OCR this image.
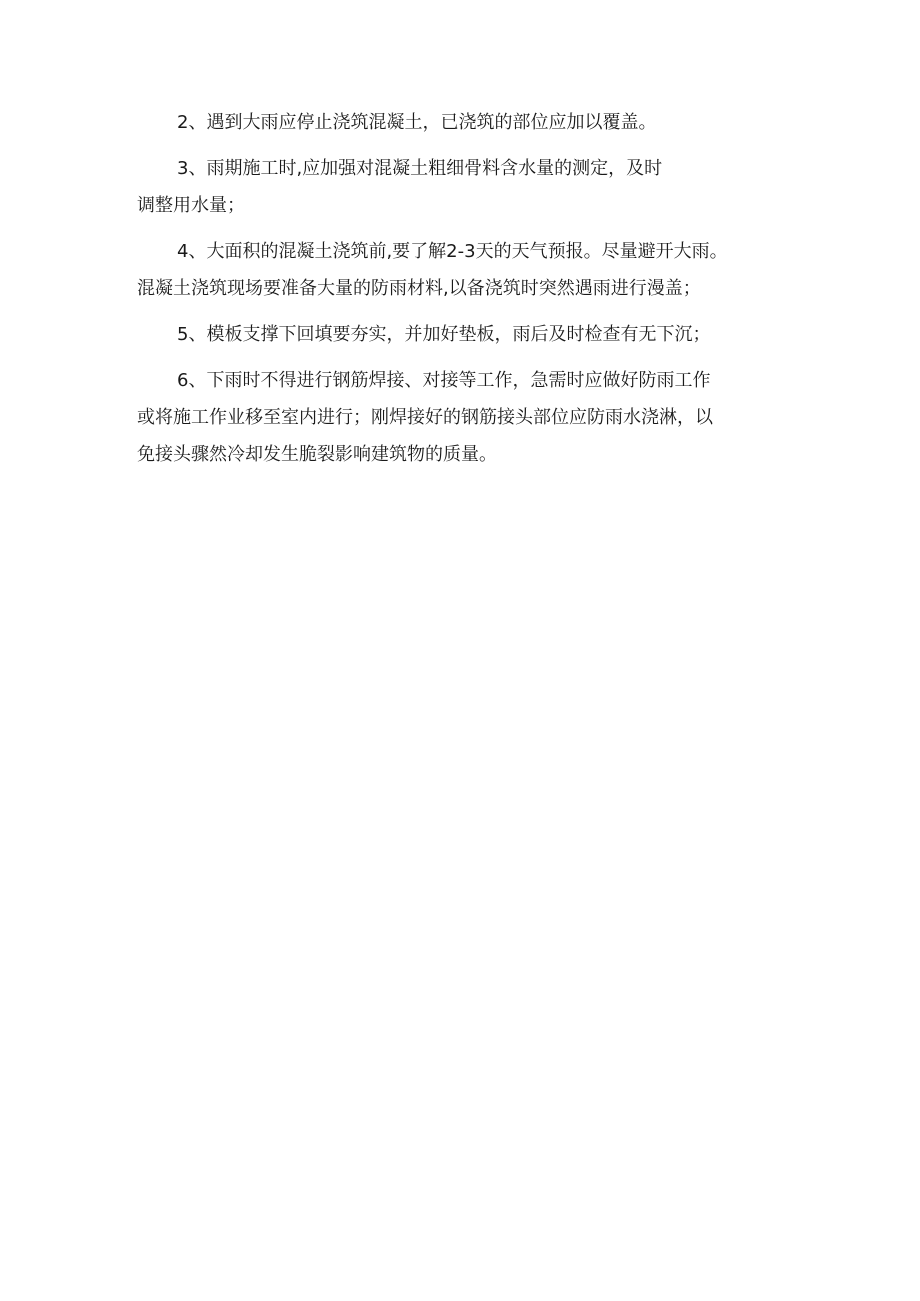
2、遇到大雨应停止浇筑混凝土，已浇筑的部位应加以覆盖。

3、雨期施工时,应加强对混凝土粗细骨料含水量的测定，及时
调整用水量；

4、大面积的混凝土浇筑前,要了解2-3天的天气预报。尽量避开大雨。
混凝土浇筑现场要准备大量的防雨材料,以备浇筑时突然遇雨进行漫盖；

5、模板支撑下回填要夯实，并加好垫板，雨后及时检查有无下沉；

6、下雨时不得进行钢筋焊接、对接等工作，急需时应做好防雨工作
或将施工作业移至室内进行；刚焊接好的钢筋接头部位应防雨水浇淋，以
免接头骤然冷却发生脆裂影响建筑物的质量。
